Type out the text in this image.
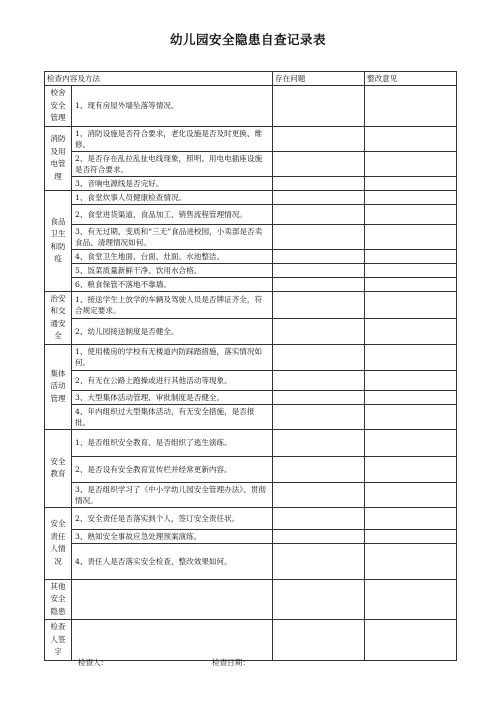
幼儿园安全隐患自查记录表
检查内容及方法		存在问题	整改意见
校舍安全管理	1、现有房屋外墙坠落等情况。		
消防及用电管理	1、消防设施是否符合要求，老化设施是否及时更换、维修。		
	2、是否存在乱拉乱扯电线现象，照明、用电电插座设施是否符合要求。		
	3、音响电源线是否完好。		
食品卫生和防疫	1、食堂炊事人员健康检查情况。		
	2、食堂进货渠道、食品加工、销售流程管理情况。		
	3、有无过期、变质和“三无”食品进校园，小卖部是否卖食品、清理情况如何。		
	4、食堂卫生地面、台面、灶面、水池整洁。		
	5、饭菜质量新鲜干净、饮用水合格。		
	6、粮食保管不落地不靠墙。		
治安和交通安全	1、接送学生上放学的车辆及驾驶人员是否牌证齐全，符合规定要求。		
	2、幼儿园接送制度是否健全。		
集体活动管理	1、使用楼房的学校有无楼道内防踩踏措施，落实情况如何。		
	2、有无在公路上跑操或进行其他活动等现象。		
	3、大型集体活动管理、审批制度是否健全。		
	4、年内组织过大型集体活动，有无安全措施，是否报批。		
安全教育	1、是否组织安全教育、是否组织了逃生演练。		
	2、是否设有安全教育宣传栏并经常更新内容。		
	3、是否组织学习了《中小学幼儿园安全管理办法》、贯彻情况。		
安全责任人情况	2、安全责任是否落实到个人，签订安全责任状。		
	3、熟知安全事故应急处理预案演练。		
	4、责任人是否落实安全检查，整改效果如何。		
其他安全隐患			
检查人签字			
检查人：	检查日期：
